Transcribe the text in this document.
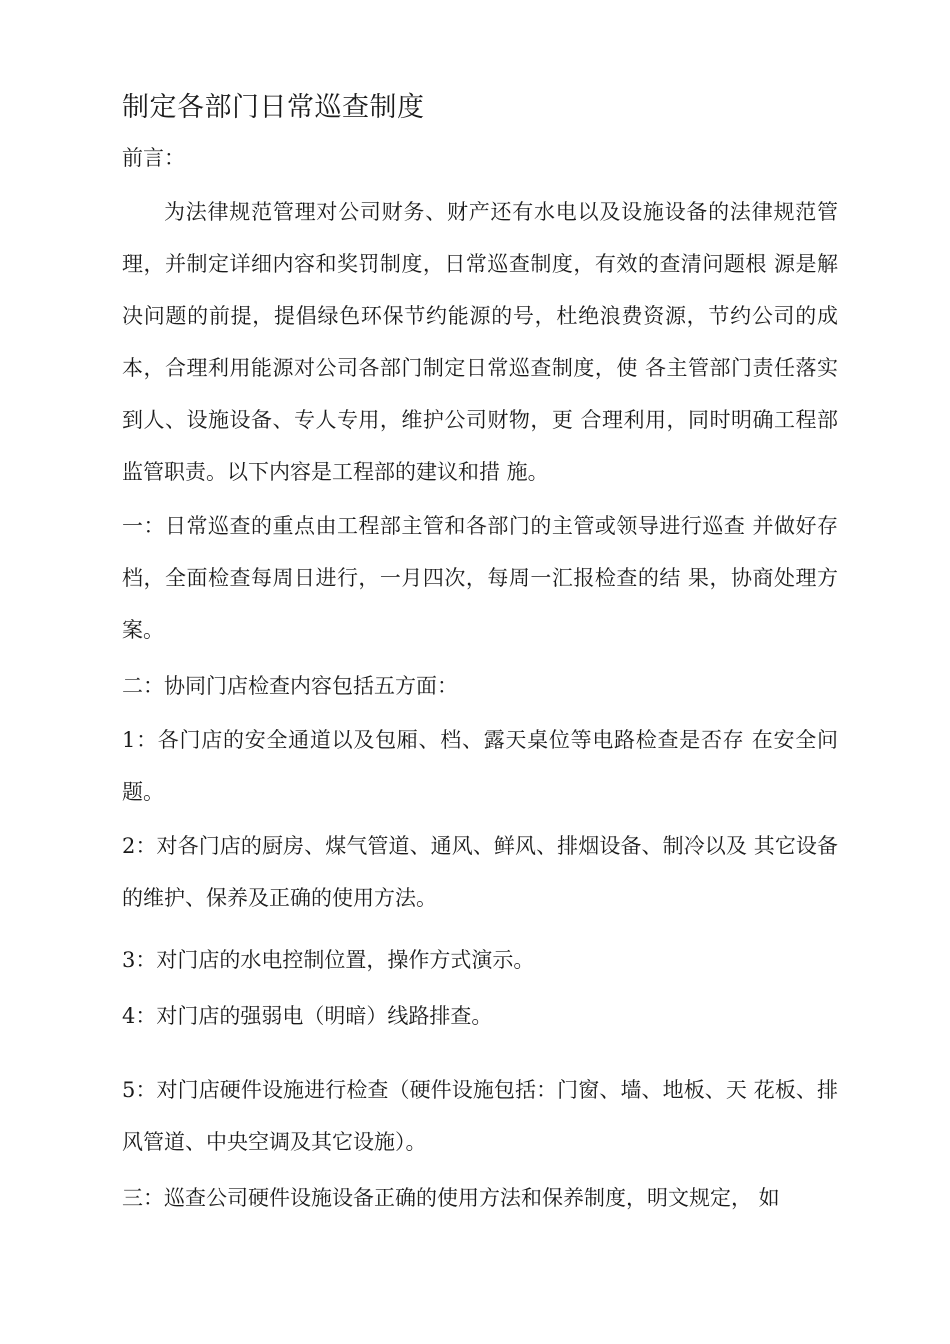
制定各部门日常巡查制度
前言：
为法律规范管理对公司财务、财产还有水电以及设施设备的法律规范管 理，并制定详细内容和奖罚制度，日常巡查制度，有效的查清问题根 源是解决问题的前提，提倡绿色环保节约能源的号，杜绝浪费资源，节约公司的成本，合理利用能源对公司各部门制定日常巡查制度，使 各主管部门责任落实到人、设施设备、专人专用，维护公司财物，更 合理利用，同时明确工程部监管职责。以下内容是工程部的建议和措 施。
一：日常巡查的重点由工程部主管和各部门的主管或领导进行巡查 并做好存档，全面检查每周日进行，一月四次，每周一汇报检查的结 果，协商处理方案。
二：协同门店检查内容包括五方面：
1：各门店的安全通道以及包厢、档、露天桌位等电路检查是否存 在安全问题。
2：对各门店的厨房、煤气管道、通风、鲜风、排烟设备、制冷以及 其它设备的维护、保养及正确的使用方法。
3：对门店的水电控制位置，操作方式演示。
4：对门店的强弱电（明暗）线路排查。
5：对门店硬件设施进行检查（硬件设施包括：门窗、墙、地板、天 花板、排风管道、中央空调及其它设施）。
三：巡查公司硬件设施设备正确的使用方法和保养制度，明文规定， 如
